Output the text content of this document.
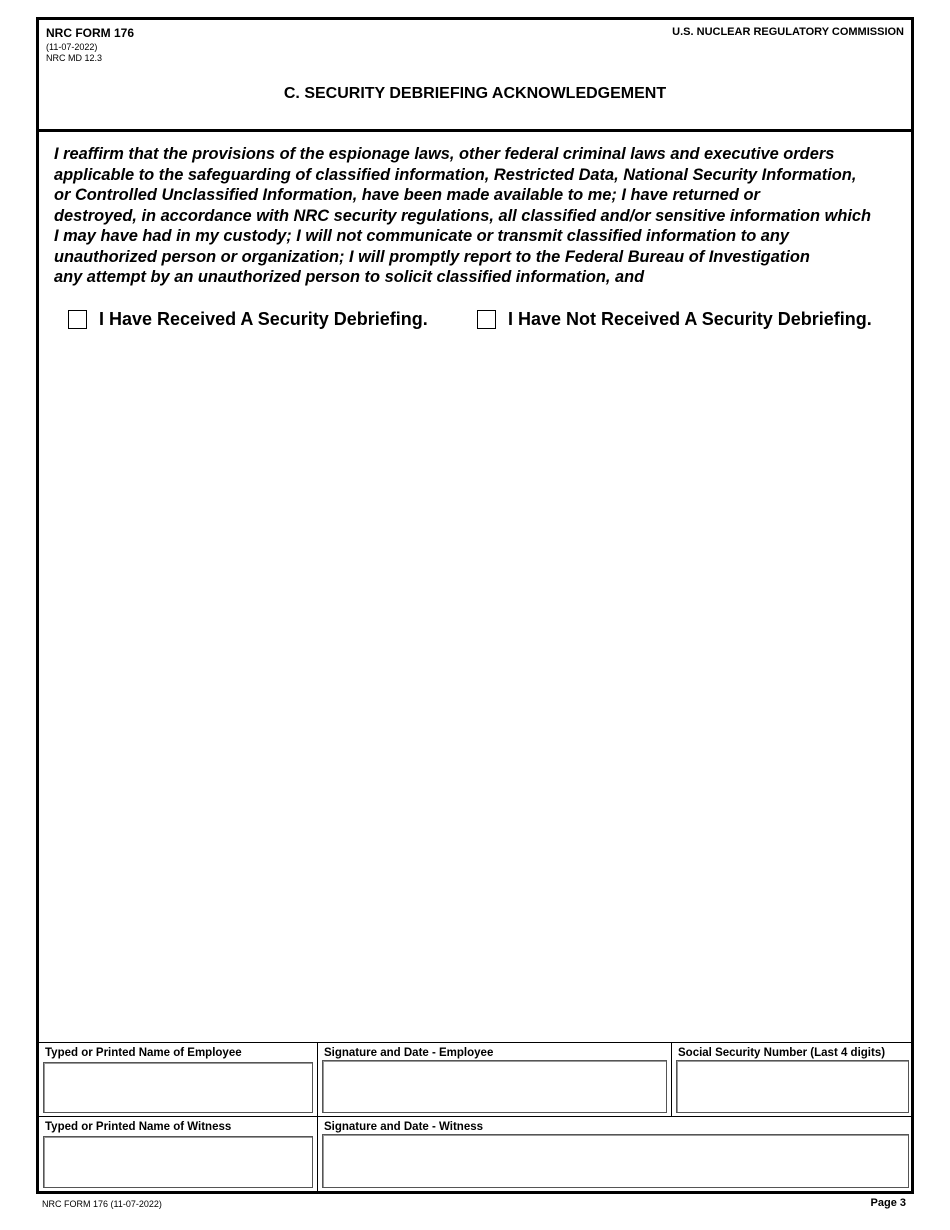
NRC FORM 176
(11-07-2022)
NRC MD 12.3
U.S. NUCLEAR REGULATORY COMMISSION
C. SECURITY DEBRIEFING ACKNOWLEDGEMENT
I reaffirm that the provisions of the espionage laws, other federal criminal laws and executive orders
applicable to the safeguarding of classified information, Restricted Data, National Security Information,
or Controlled Unclassified Information, have been made available to me; I have returned or
destroyed, in accordance with NRC security regulations, all classified and/or sensitive information which
I may have had in my custody; I will not communicate or transmit classified information to any
unauthorized person or organization; I will promptly report to the Federal Bureau of Investigation
any attempt by an unauthorized person to solicit classified information, and
I Have Received A Security Debriefing.	I Have Not Received A Security Debriefing.
Typed or Printed Name of Employee	Signature and Date - Employee	Social Security Number (Last 4 digits)
Typed or Printed Name of Witness	Signature and Date - Witness
NRC FORM 176 (11-07-2022)	Page 3
